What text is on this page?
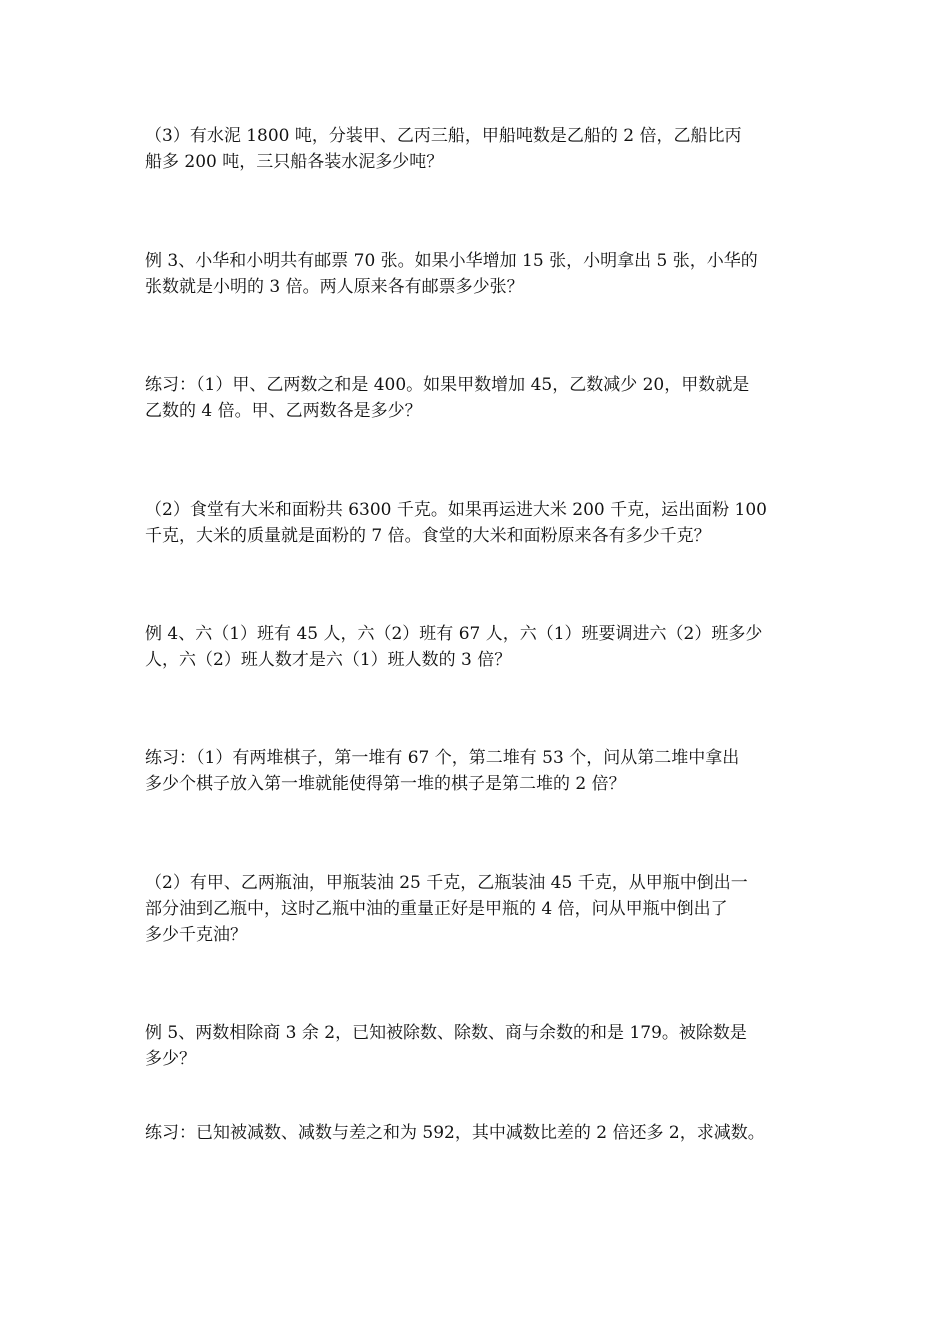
（3）有水泥 1800 吨，分装甲、乙丙三船，甲船吨数是乙船的 2 倍，乙船比丙
船多 200 吨，三只船各装水泥多少吨？

例 3、小华和小明共有邮票 70 张。如果小华增加 15 张，小明拿出 5 张，小华的
张数就是小明的 3 倍。两人原来各有邮票多少张？

练习：（1）甲、乙两数之和是 400。如果甲数增加 45，乙数减少 20，甲数就是
乙数的 4 倍。甲、乙两数各是多少？

（2）食堂有大米和面粉共 6300 千克。如果再运进大米 200 千克，运出面粉 100
千克，大米的质量就是面粉的 7 倍。食堂的大米和面粉原来各有多少千克？

例 4、六（1）班有 45 人，六（2）班有 67 人，六（1）班要调进六（2）班多少
人，六（2）班人数才是六（1）班人数的 3 倍？

练习：（1）有两堆棋子，第一堆有 67 个，第二堆有 53 个，问从第二堆中拿出
多少个棋子放入第一堆就能使得第一堆的棋子是第二堆的 2 倍？

（2）有甲、乙两瓶油，甲瓶装油 25 千克，乙瓶装油 45 千克，从甲瓶中倒出一
部分油到乙瓶中，这时乙瓶中油的重量正好是甲瓶的 4 倍，问从甲瓶中倒出了
多少千克油？

例 5、两数相除商 3 余 2，已知被除数、除数、商与余数的和是 179。被除数是
多少？

练习：已知被减数、减数与差之和为 592，其中减数比差的 2 倍还多 2，求减数。
